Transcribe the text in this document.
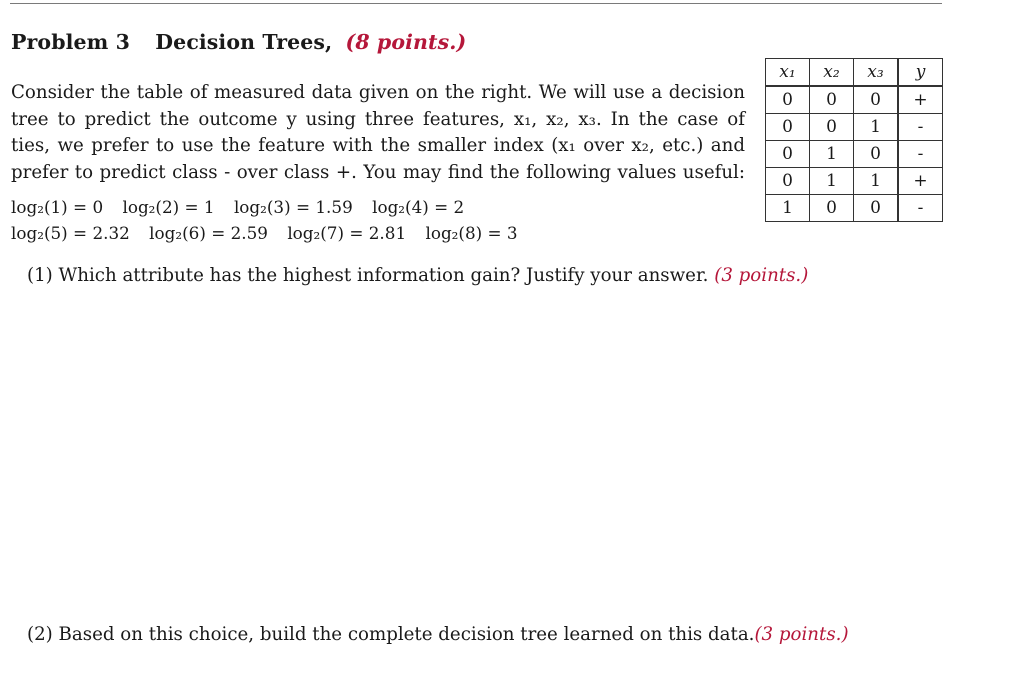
Problem 3 Decision Trees, (8 points.)
Consider the table of measured data given on the right. We will use a decision
tree to predict the outcome y using three features, x₁, x₂, x₃. In the case of
ties, we prefer to use the feature with the smaller index (x₁ over x₂, etc.) and
prefer to predict class - over class +. You may find the following values useful:
log₂(1) = 0 log₂(2) = 1 log₂(3) = 1.59 log₂(4) = 2
log₂(5) = 2.32 log₂(6) = 2.59 log₂(7) = 2.81 log₂(8) = 3
x₁	x₂	x₃	y
0	0	0	+
0	0	1	-
0	1	0	-
0	1	1	+
1	0	0	-
(1) Which attribute has the highest information gain? Justify your answer. (3 points.)
(2) Based on this choice, build the complete decision tree learned on this data.(3 points.)
